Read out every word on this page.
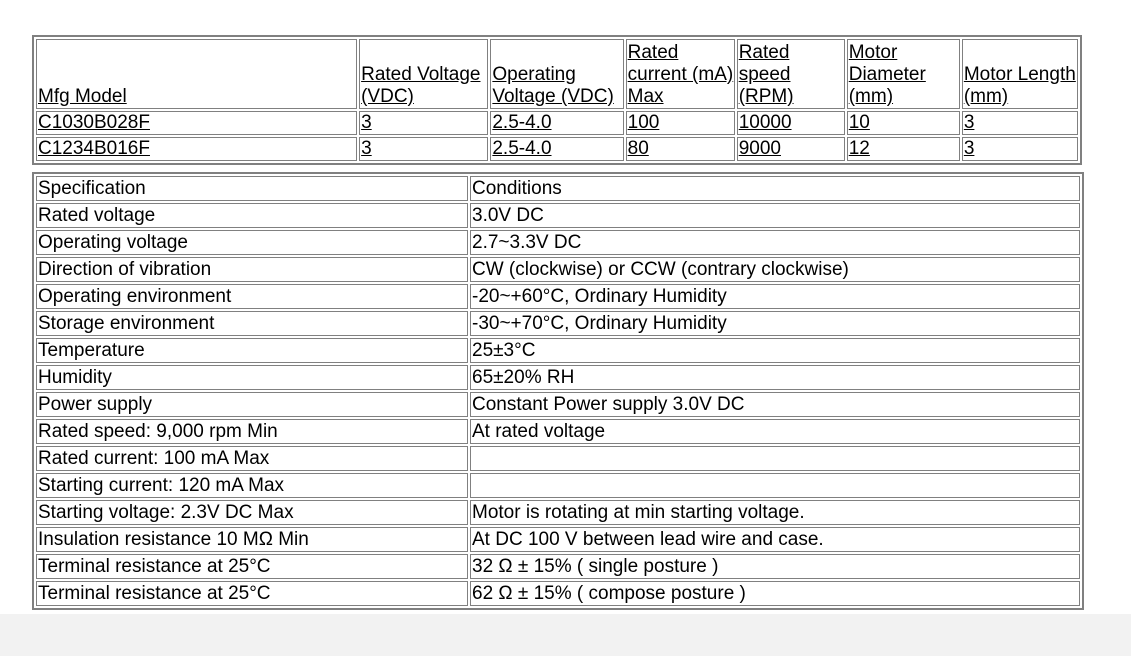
Mfg Model	Rated Voltage (VDC)	Operating Voltage (VDC)	Rated current (mA) Max	Rated speed (RPM)	Motor Diameter (mm)	Motor Length (mm)
C1030B028F	3	2.5-4.0	100	10000	10	3
C1234B016F	3	2.5-4.0	80	9000	12	3
Specification	Conditions
Rated voltage	3.0V DC
Operating voltage	2.7~3.3V DC
Direction of vibration	CW (clockwise) or CCW (contrary clockwise)
Operating environment	-20~+60°C, Ordinary Humidity
Storage environment	-30~+70°C, Ordinary Humidity
Temperature	25±3°C
Humidity	65±20% RH
Power supply	Constant Power supply 3.0V DC
Rated speed: 9,000 rpm Min	At rated voltage
Rated current: 100 mA Max	
Starting current: 120 mA Max	
Starting voltage: 2.3V DC Max	Motor is rotating at min starting voltage.
Insulation resistance 10 MΩ Min	At DC 100 V between lead wire and case.
Terminal resistance at 25°C	32 Ω ± 15% ( single posture )
Terminal resistance at 25°C	62 Ω ± 15% ( compose posture )
